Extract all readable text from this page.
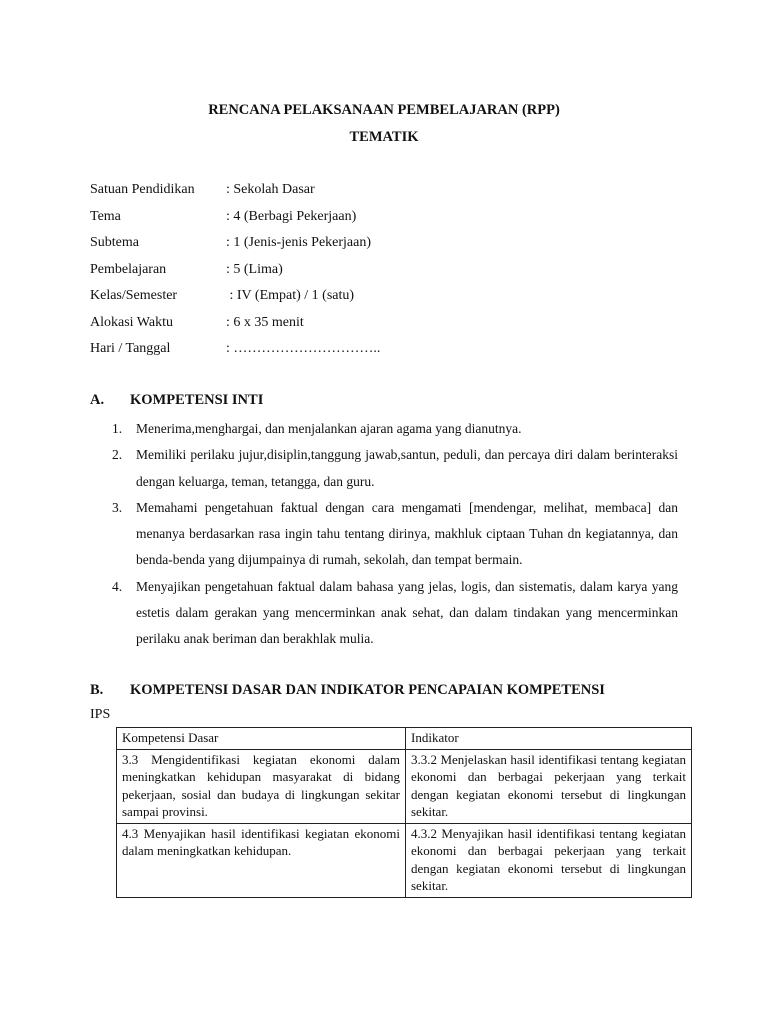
RENCANA PELAKSANAAN PEMBELAJARAN (RPP)
TEMATIK
Satuan Pendidikan : Sekolah Dasar
Tema	: 4 (Berbagi Pekerjaan)
Subtema	: 1 (Jenis-jenis Pekerjaan)
Pembelajaran	: 5 (Lima)
Kelas/Semester	: IV (Empat) / 1 (satu)
Alokasi Waktu	: 6 x 35 menit
Hari / Tanggal	: …………………………..
A. KOMPETENSI INTI
1. Menerima,menghargai, dan menjalankan ajaran agama yang dianutnya.
2. Memiliki perilaku jujur,disiplin,tanggung jawab,santun, peduli, dan percaya diri dalam berinteraksi dengan keluarga, teman, tetangga, dan guru.
3. Memahami pengetahuan faktual dengan cara mengamati [mendengar, melihat, membaca] dan menanya berdasarkan rasa ingin tahu tentang dirinya, makhluk ciptaan Tuhan dn kegiatannya, dan benda-benda yang dijumpainya di rumah, sekolah, dan tempat bermain.
4. Menyajikan pengetahuan faktual dalam bahasa yang jelas, logis, dan sistematis, dalam karya yang estetis dalam gerakan yang mencerminkan anak sehat, dan dalam tindakan yang mencerminkan perilaku anak beriman dan berakhlak mulia.
B. KOMPETENSI DASAR DAN INDIKATOR PENCAPAIAN KOMPETENSI
IPS
Kompetensi Dasar	Indikator
3.3 Mengidentifikasi kegiatan ekonomi dalam meningkatkan kehidupan masyarakat di bidang pekerjaan, sosial dan budaya di lingkungan sekitar sampai provinsi.	3.3.2 Menjelaskan hasil identifikasi tentang kegiatan ekonomi dan berbagai pekerjaan yang terkait dengan kegiatan ekonomi tersebut di lingkungan sekitar.
4.3 Menyajikan hasil identifikasi kegiatan ekonomi dalam meningkatkan kehidupan.	4.3.2 Menyajikan hasil identifikasi tentang kegiatan ekonomi dan berbagai pekerjaan yang terkait dengan kegiatan ekonomi tersebut di lingkungan sekitar.
